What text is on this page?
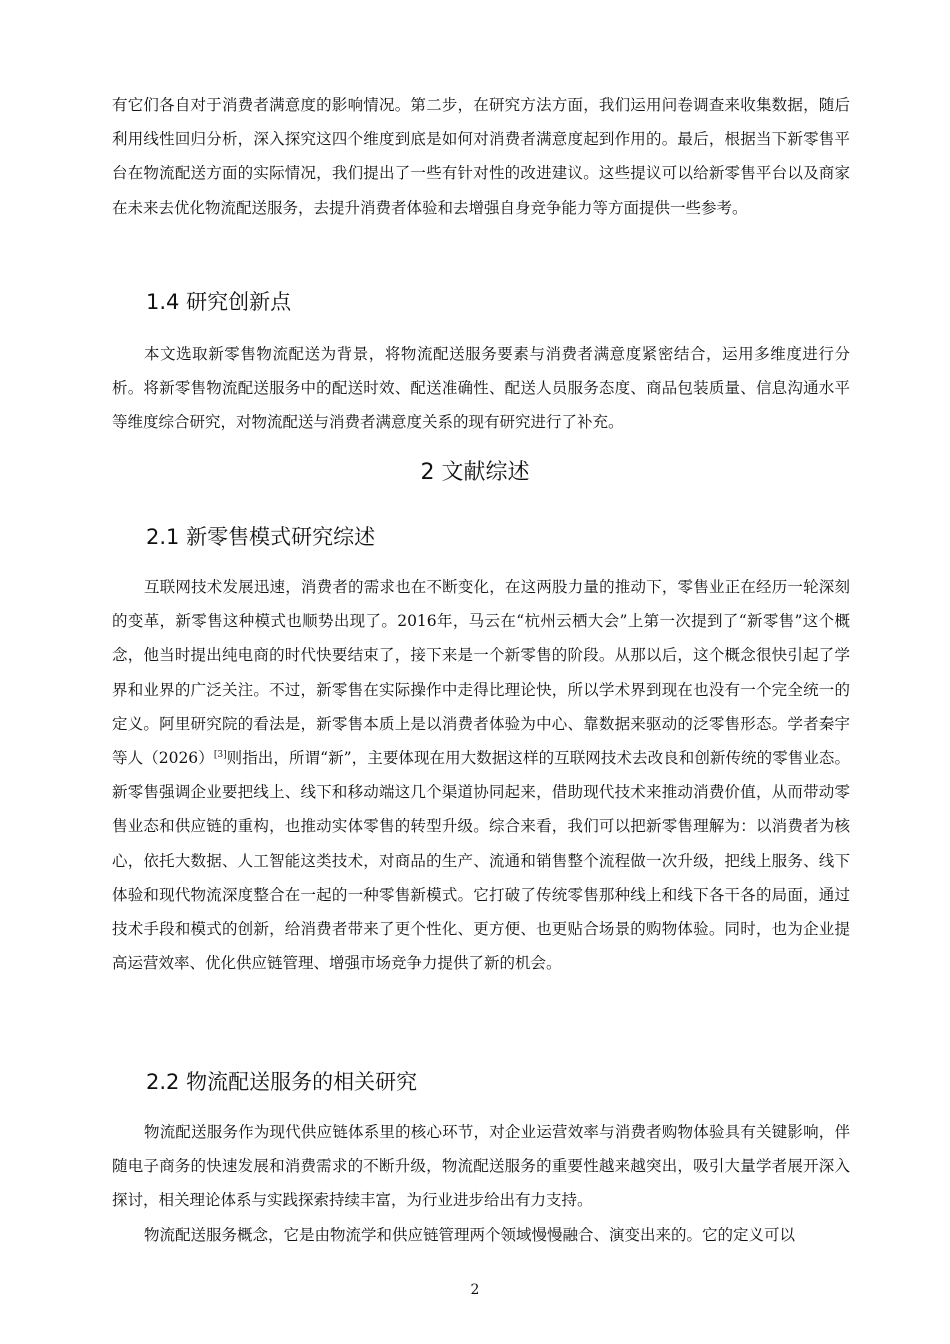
有它们各自对于消费者满意度的影响情况。第二步，在研究方法方面，我们运用问卷调查来收集数据，随后利用线性回归分析，深入探究这四个维度到底是如何对消费者满意度起到作用的。最后，根据当下新零售平台在物流配送方面的实际情况，我们提出了一些有针对性的改进建议。这些提议可以给新零售平台以及商家在未来去优化物流配送服务，去提升消费者体验和去增强自身竞争能力等方面提供一些参考。

1.4 研究创新点

本文选取新零售物流配送为背景，将物流配送服务要素与消费者满意度紧密结合，运用多维度进行分析。将新零售物流配送服务中的配送时效、配送准确性、配送人员服务态度、商品包装质量、信息沟通水平等维度综合研究，对物流配送与消费者满意度关系的现有研究进行了补充。

2 文献综述
2.1 新零售模式研究综述

互联网技术发展迅速，消费者的需求也在不断变化，在这两股力量的推动下，零售业正在经历一轮深刻的变革，新零售这种模式也顺势出现了。2016年，马云在“杭州云栖大会”上第一次提到了“新零售”这个概念，他当时提出纯电商的时代快要结束了，接下来是一个新零售的阶段。从那以后，这个概念很快引起了学界和业界的广泛关注。不过，新零售在实际操作中走得比理论快，所以学术界到现在也没有一个完全统一的定义。阿里研究院的看法是，新零售本质上是以消费者体验为中心、靠数据来驱动的泛零售形态。学者秦宇等人（2026）[3]则指出，所谓“新”，主要体现在用大数据这样的互联网技术去改良和创新传统的零售业态。新零售强调企业要把线上、线下和移动端这几个渠道协同起来，借助现代技术来推动消费价值，从而带动零售业态和供应链的重构，也推动实体零售的转型升级。综合来看，我们可以把新零售理解为：以消费者为核心，依托大数据、人工智能这类技术，对商品的生产、流通和销售整个流程做一次升级，把线上服务、线下体验和现代物流深度整合在一起的一种零售新模式。它打破了传统零售那种线上和线下各干各的局面，通过技术手段和模式的创新，给消费者带来了更个性化、更方便、也更贴合场景的购物体验。同时，也为企业提高运营效率、优化供应链管理、增强市场竞争力提供了新的机会。

2.2 物流配送服务的相关研究

物流配送服务作为现代供应链体系里的核心环节，对企业运营效率与消费者购物体验具有关键影响，伴随电子商务的快速发展和消费需求的不断升级，物流配送服务的重要性越来越突出，吸引大量学者展开深入探讨，相关理论体系与实践探索持续丰富，为行业进步给出有力支持。

物流配送服务概念，它是由物流学和供应链管理两个领域慢慢融合、演变出来的。它的定义可以

2
